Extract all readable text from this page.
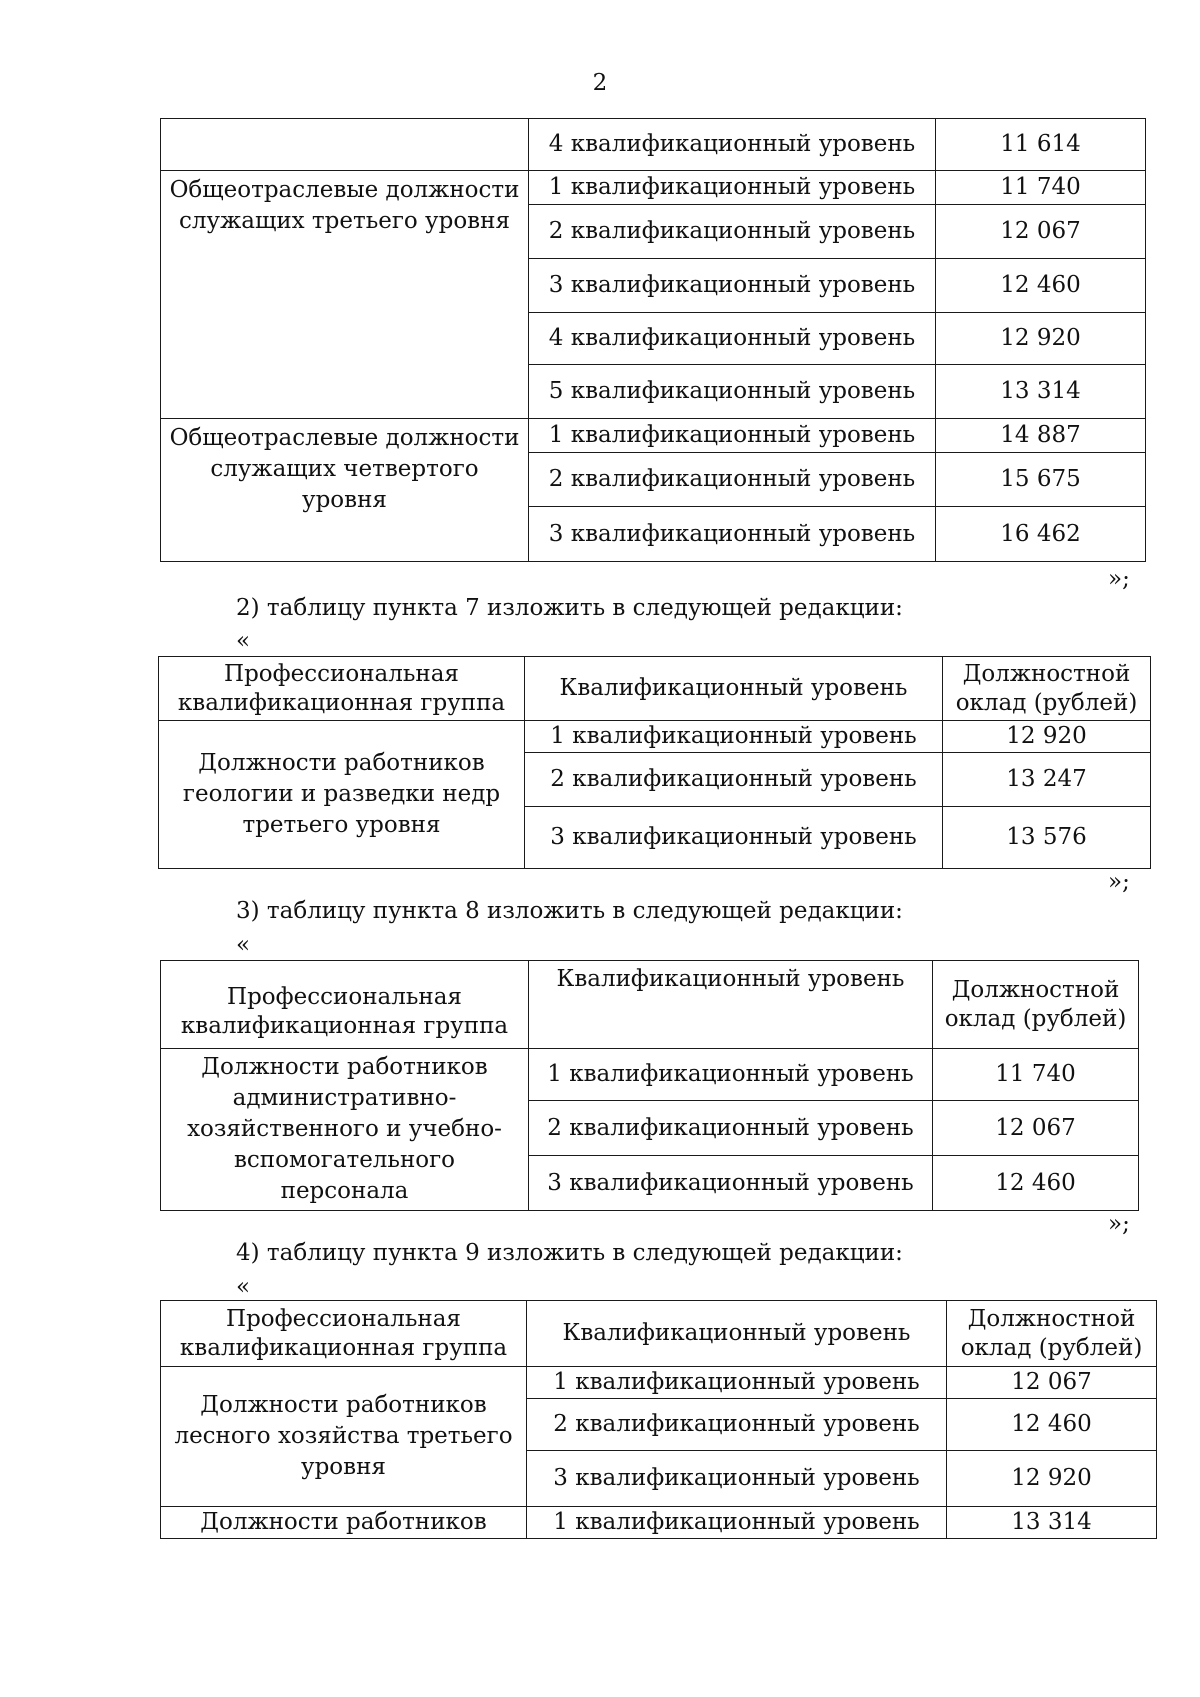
2
	4 квалификационный уровень	11 614
Общеотраслевые должности служащих третьего уровня	1 квалификационный уровень	11 740
	2 квалификационный уровень	12 067
	3 квалификационный уровень	12 460
	4 квалификационный уровень	12 920
	5 квалификационный уровень	13 314
Общеотраслевые должности служащих четвертого уровня	1 квалификационный уровень	14 887
	2 квалификационный уровень	15 675
	3 квалификационный уровень	16 462
»;
2) таблицу пункта 7 изложить в следующей редакции:
«
Профессиональная квалификационная группа	Квалификационный уровень	Должностной оклад (рублей)
Должности работников геологии и разведки недр третьего уровня	1 квалификационный уровень	12 920
	2 квалификационный уровень	13 247
	3 квалификационный уровень	13 576
»;
3) таблицу пункта 8 изложить в следующей редакции:
«
Профессиональная квалификационная группа	Квалификационный уровень	Должностной оклад (рублей)
Должности работников административно-хозяйственного и учебно-вспомогательного персонала	1 квалификационный уровень	11 740
	2 квалификационный уровень	12 067
	3 квалификационный уровень	12 460
»;
4) таблицу пункта 9 изложить в следующей редакции:
«
Профессиональная квалификационная группа	Квалификационный уровень	Должностной оклад (рублей)
Должности работников лесного хозяйства третьего уровня	1 квалификационный уровень	12 067
	2 квалификационный уровень	12 460
	3 квалификационный уровень	12 920
Должности работников	1 квалификационный уровень	13 314
